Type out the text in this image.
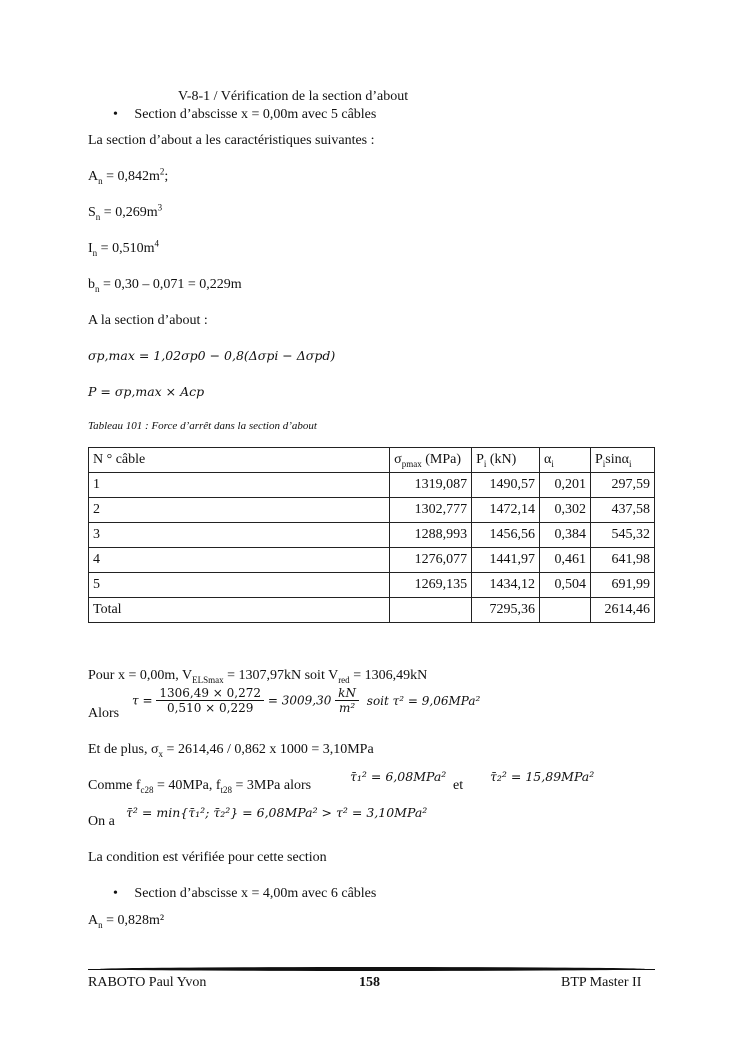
V-8-1 / Vérification de la section d’about
• Section d’abscisse x = 0,00m avec 5 câbles
La section d’about a les caractéristiques suivantes :
$A_n = 0,842m^2$;
$S_n = 0,269m^3$
$I_n = 0,510m^4$
$b_n = 0,30 - 0,071 = 0,229m$
A la section d’about :
σ𝑝,𝑚𝑎𝑥 = 1,02σ𝑝0 − 0,8(Δσ𝑝𝑖 − Δσ𝑝𝑑)
𝑃 = σ𝑝,𝑚𝑎𝑥 × 𝐴𝑐𝑝
Tableau 101 : Force d’arrêt dans la section d’about
N ° câble	$\sigma_{pmax}$ (MPa)	$P_i$ (kN)	$\alpha_i$	$P_i\sin\alpha_i$
1	1319,087	1490,57	0,201	297,59
2	1302,777	1472,14	0,302	437,58
3	1288,993	1456,56	0,384	545,32
4	1276,077	1441,97	0,461	641,98
5	1269,135	1434,12	0,504	691,99
Total		7295,36		2614,46
Pour x = 0,00m, $V_{ELSmax} = 1307,97kN$ soit $V_{red} = 1306,49kN$
Alors
$\tau = \frac{1306,49 \times 0,272}{0,510 \times 0,229} = 3009,30 \frac{kN}{\text{m²}}$ soit τ² = 9,06MPa²
Et de plus, $\sigma_x = 2614,46 / 0,862$ x 1000 = 3,10MPa
Comme $f_{c28} = 40MPa$, $f_{t28} = 3MPa$ alors
τ̄₁² = 6,08MPa²
et
τ̄₂² = 15,89MPa²
On a
τ̄² = min{τ̄₁²; τ̄₂²} = 6,08MPa² > τ² = 3,10MPa²
La condition est vérifiée pour cette section
• Section d’abscisse x = 4,00m avec 6 câbles
$A_n = 0,828m^2$
RABOTO Paul Yvon	158	BTP Master II
